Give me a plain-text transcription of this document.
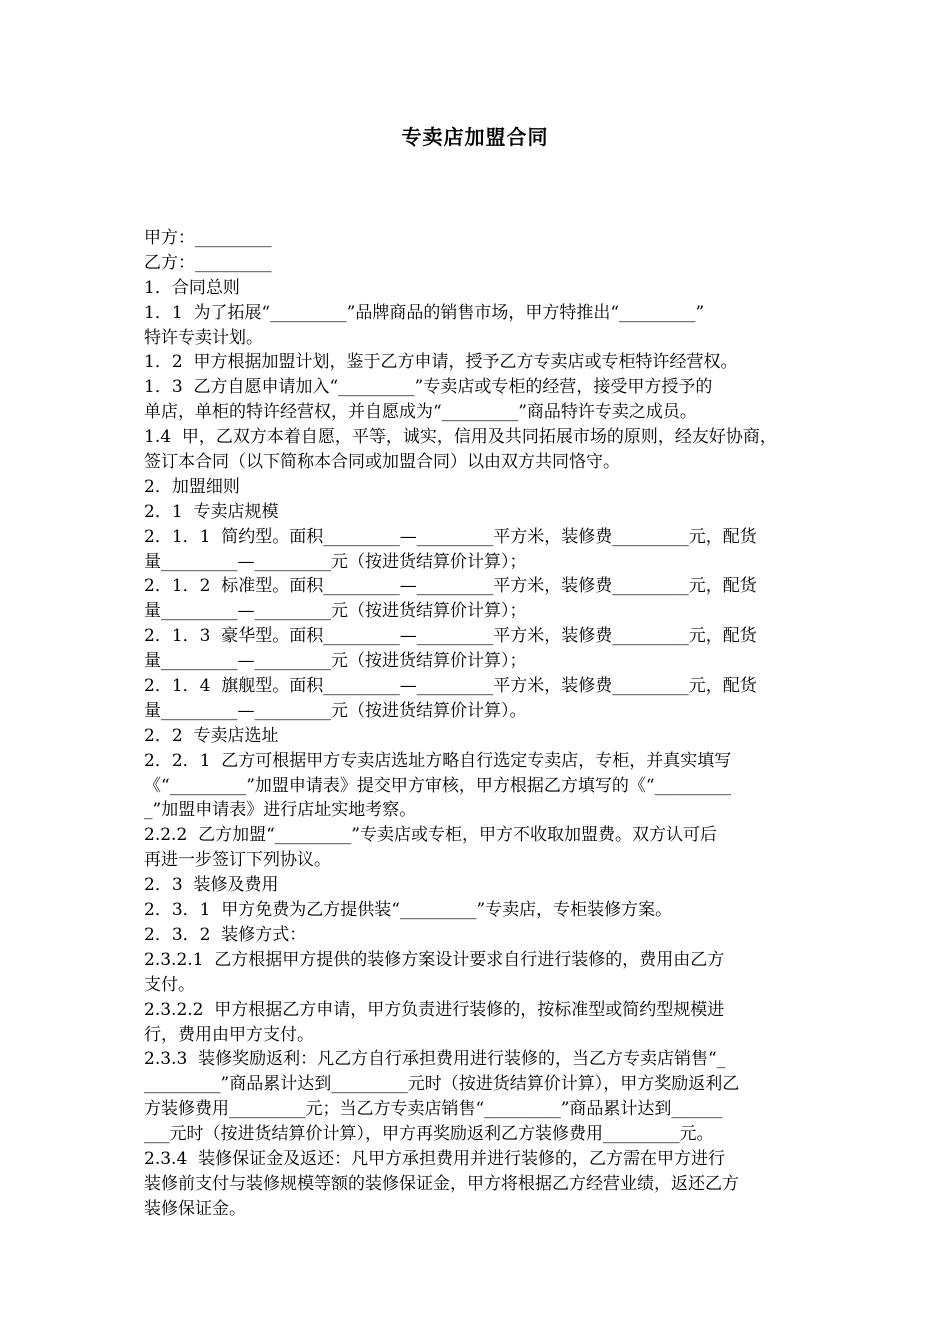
专卖店加盟合同
甲方：_________
乙方：_________
1．合同总则
1．1  为了拓展“_________”品牌商品的销售市场，甲方特推出“_________”
特许专卖计划。
1．2  甲方根据加盟计划，鉴于乙方申请，授予乙方专卖店或专柜特许经营权。
1．3  乙方自愿申请加入“_________”专卖店或专柜的经营，接受甲方授予的
单店，单柜的特许经营权，并自愿成为“_________”商品特许专卖之成员。
1.4  甲，乙双方本着自愿，平等，诚实，信用及共同拓展市场的原则，经友好协商，
签订本合同（以下简称本合同或加盟合同）以由双方共同恪守。
2．加盟细则
2．1  专卖店规模
2．1．1  简约型。面积_________—_________平方米，装修费_________元，配货
量_________—_________元（按进货结算价计算）；
2．1．2  标准型。面积_________—_________平方米，装修费_________元，配货
量_________—_________元（按进货结算价计算）；
2．1．3  豪华型。面积_________—_________平方米，装修费_________元，配货
量_________—_________元（按进货结算价计算）；
2．1．4  旗舰型。面积_________—_________平方米，装修费_________元，配货
量_________—_________元（按进货结算价计算）。
2．2  专卖店选址
2．2．1  乙方可根据甲方专卖店选址方略自行选定专卖店，专柜，并真实填写
《“_________”加盟申请表》提交甲方审核，甲方根据乙方填写的《“_________
_”加盟申请表》进行店址实地考察。
2.2.2  乙方加盟“_________”专卖店或专柜，甲方不收取加盟费。双方认可后
再进一步签订下列协议。
2．3  装修及费用
2．3．1  甲方免费为乙方提供装“_________”专卖店，专柜装修方案。
2．3．2  装修方式：
2.3.2.1  乙方根据甲方提供的装修方案设计要求自行进行装修的，费用由乙方
支付。
2.3.2.2  甲方根据乙方申请，甲方负责进行装修的，按标准型或简约型规模进
行，费用由甲方支付。
2.3.3  装修奖励返利：凡乙方自行承担费用进行装修的，当乙方专卖店销售“_
_________”商品累计达到_________元时（按进货结算价计算），甲方奖励返利乙
方装修费用_________元；当乙方专卖店销售“_________”商品累计达到______
___元时（按进货结算价计算），甲方再奖励返利乙方装修费用_________元。
2.3.4  装修保证金及返还：凡甲方承担费用并进行装修的，乙方需在甲方进行
装修前支付与装修规模等额的装修保证金，甲方将根据乙方经营业绩，返还乙方
装修保证金。
